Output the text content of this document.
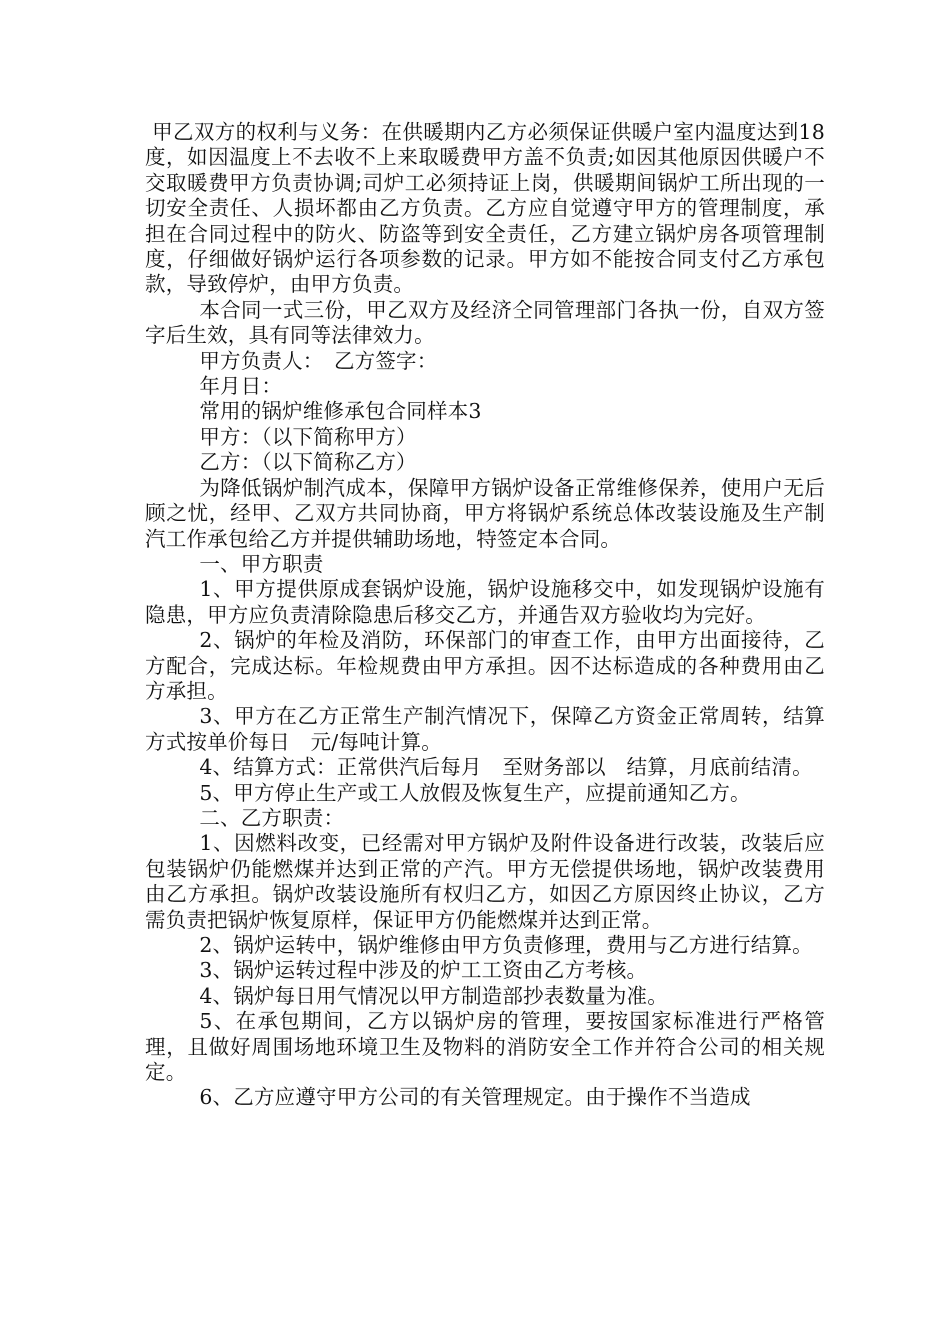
甲乙双方的权利与义务：在供暖期内乙方必须保证供暖户室内温度达到18度，如因温度上不去收不上来取暖费甲方盖不负责;如因其他原因供暖户不交取暖费甲方负责协调;司炉工必须持证上岗，供暖期间锅炉工所出现的一切安全责任、人损坏都由乙方负责。乙方应自觉遵守甲方的管理制度，承担在合同过程中的防火、防盗等到安全责任，乙方建立锅炉房各项管理制度，仔细做好锅炉运行各项参数的记录。甲方如不能按合同支付乙方承包款，导致停炉，由甲方负责。

本合同一式三份，甲乙双方及经济仝同管理部门各执一份，自双方签字后生效，具有同等法律效力。

甲方负责人：　乙方签字：

年月日：

常用的锅炉维修承包合同样本3

甲方：（以下简称甲方）

乙方：（以下简称乙方）

为降低锅炉制汽成本，保障甲方锅炉设备正常维修保养，使用户无后顾之忧，经甲、乙双方共同协商，甲方将锅炉系统总体改装设施及生产制汽工作承包给乙方并提供辅助场地，特签定本合同。

一、甲方职责

1、甲方提供原成套锅炉设施，锅炉设施移交中，如发现锅炉设施有隐患，甲方应负责清除隐患后移交乙方，并通告双方验收均为完好。

2、锅炉的年检及消防，环保部门的审查工作，由甲方出面接待，乙方配合，完成达标。年检规费由甲方承担。因不达标造成的各种费用由乙方承担。

3、甲方在乙方正常生产制汽情况下，保障乙方资金正常周转，结算方式按单价每日　元/每吨计算。

4、结算方式：正常供汽后每月　至财务部以　结算，月底前结清。

5、甲方停止生产或工人放假及恢复生产，应提前通知乙方。

二、乙方职责：

1、因燃料改变，已经需对甲方锅炉及附件设备进行改装，改装后应包装锅炉仍能燃煤并达到正常的产汽。甲方无偿提供场地，锅炉改装费用由乙方承担。锅炉改装设施所有权归乙方，如因乙方原因终止协议，乙方需负责把锅炉恢复原样，保证甲方仍能燃煤并达到正常。

2、锅炉运转中，锅炉维修由甲方负责修理，费用与乙方进行结算。

3、锅炉运转过程中涉及的炉工工资由乙方考核。

4、锅炉每日用气情况以甲方制造部抄表数量为准。

5、在承包期间，乙方以锅炉房的管理，要按国家标准进行严格管理，且做好周围场地环境卫生及物料的消防安全工作并符合公司的相关规定。

6、乙方应遵守甲方公司的有关管理规定。由于操作不当造成
